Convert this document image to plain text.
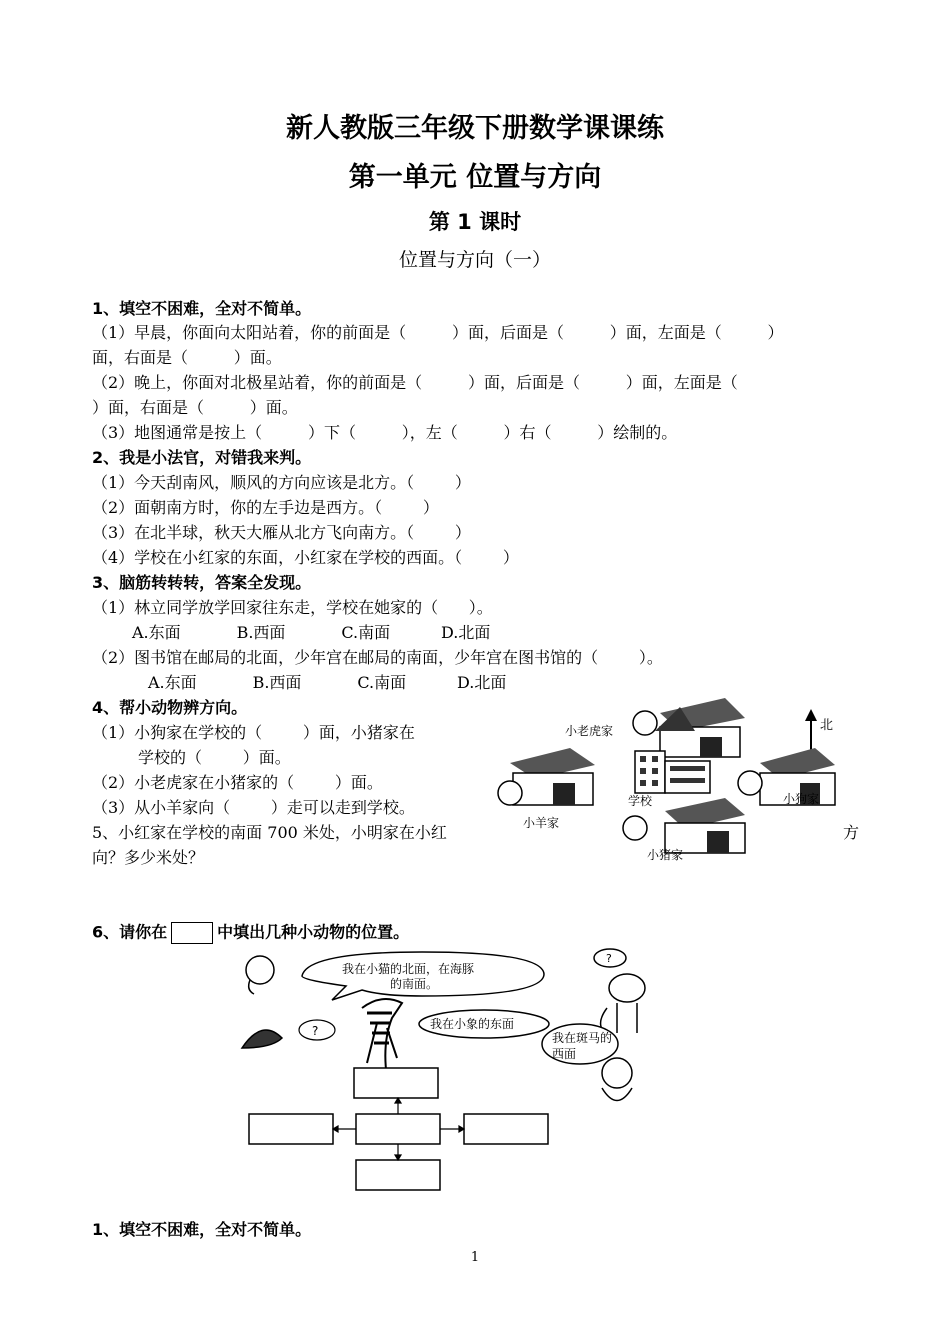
新人教版三年级下册数学课课练
第一单元 位置与方向
第 1 课时
位置与方向（一）
1、填空不困难，全对不简单。
（1）早晨，你面向太阳站着，你的前面是（         ）面，后面是（         ）面，左面是（         ）
面，右面是（         ）面。
（2）晚上，你面对北极星站着，你的前面是（         ）面，后面是（         ）面，左面是（
）面，右面是（         ）面。
（3）地图通常是按上（         ）下（         ），左（         ）右（         ）绘制的。
2、我是小法官，对错我来判。
（1）今天刮南风，顺风的方向应该是北方。（        ）
（2）面朝南方时，你的左手边是西方。（        ）
（3）在北半球，秋天大雁从北方飞向南方。（        ）
（4）学校在小红家的东面，小红家在学校的西面。（        ）
3、脑筋转转转，答案全发现。
（1）林立同学放学回家往东走，学校在她家的（      ）。
A.东面           B.西面           C.南面          D.北面
（2）图书馆在邮局的北面，少年宫在邮局的南面，少年宫在图书馆的（        ）。
A.东面           B.西面           C.南面          D.北面
4、帮小动物辨方向。
（1）小狗家在学校的（        ）面，小猪家在
学校的（        ）面。
（2）小老虎家在小猪家的（        ）面。
（3）从小羊家向（        ）走可以走到学校。
5、小红家在学校的南面 700 米处，小明家在小红	方
向？多少米处？
小老虎家	北
小羊家
学校	小狗家
小猪家
6、请你在	中填出几种小动物的位置。
?
?
我在小猫的北面，在海豚
的南面。
我在小象的东面
我在斑马的
西面
1、填空不困难，全对不简单。
1
